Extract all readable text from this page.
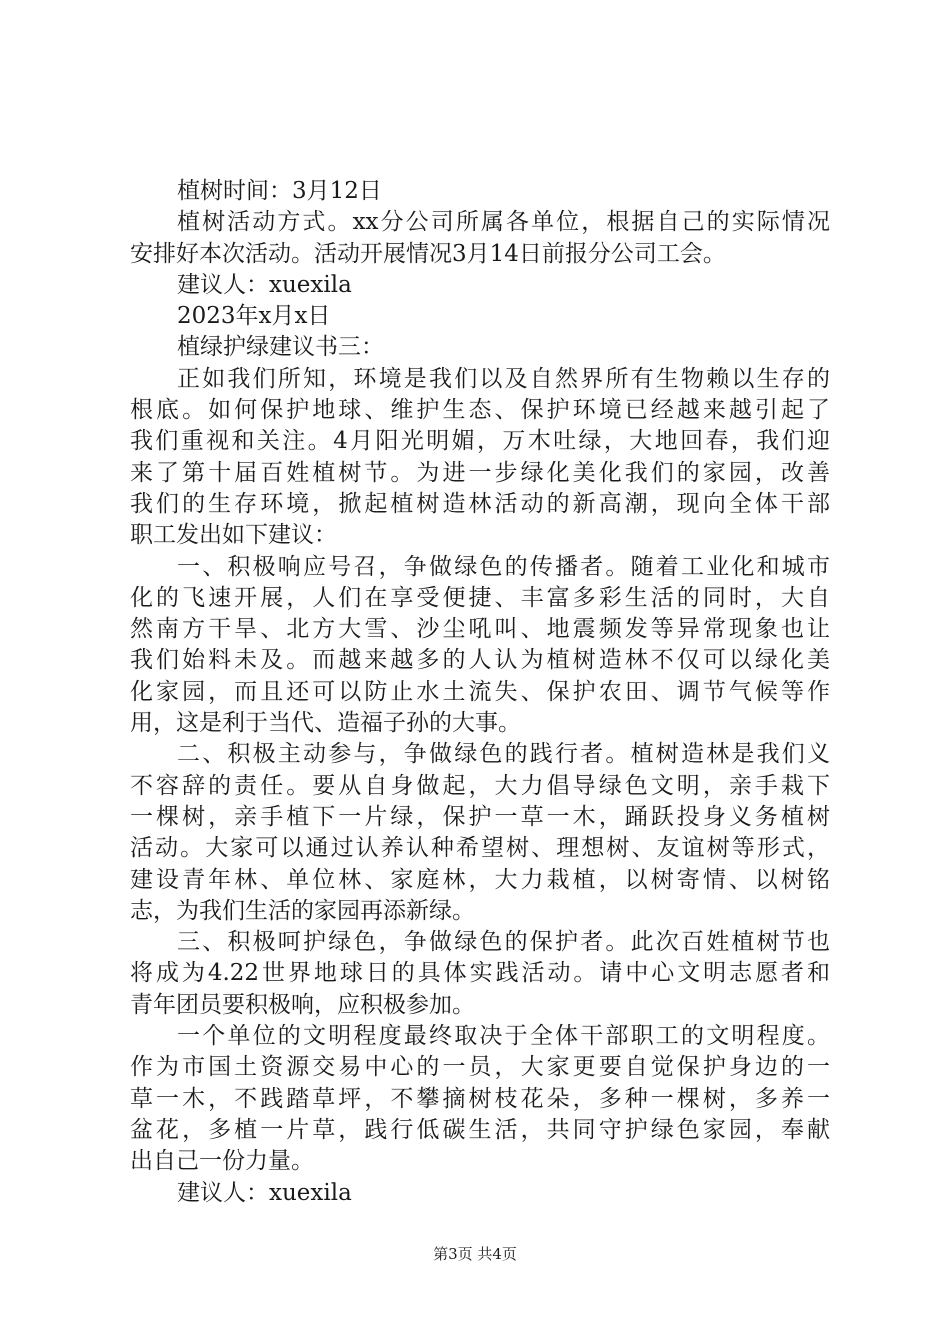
植树时间：3月12日
植树活动方式。xx分公司所属各单位，根据自己的实际情况
安排好本次活动。活动开展情况3月14日前报分公司工会。
建议人：xuexila
2023年x月x日
植绿护绿建议书三：
正如我们所知，环境是我们以及自然界所有生物赖以生存的
根底。如何保护地球、维护生态、保护环境已经越来越引起了
我们重视和关注。4月阳光明媚，万木吐绿，大地回春，我们迎
来了第十届百姓植树节。为进一步绿化美化我们的家园，改善
我们的生存环境，掀起植树造林活动的新高潮，现向全体干部
职工发出如下建议：
一、积极响应号召，争做绿色的传播者。随着工业化和城市
化的飞速开展，人们在享受便捷、丰富多彩生活的同时，大自
然南方干旱、北方大雪、沙尘吼叫、地震频发等异常现象也让
我们始料未及。而越来越多的人认为植树造林不仅可以绿化美
化家园，而且还可以防止水土流失、保护农田、调节气候等作
用，这是利于当代、造福子孙的大事。
二、积极主动参与，争做绿色的践行者。植树造林是我们义
不容辞的责任。要从自身做起，大力倡导绿色文明，亲手栽下
一棵树，亲手植下一片绿，保护一草一木，踊跃投身义务植树
活动。大家可以通过认养认种希望树、理想树、友谊树等形式，
建设青年林、单位林、家庭林，大力栽植，以树寄情、以树铭
志，为我们生活的家园再添新绿。
三、积极呵护绿色，争做绿色的保护者。此次百姓植树节也
将成为4.22世界地球日的具体实践活动。请中心文明志愿者和
青年团员要积极响，应积极参加。
一个单位的文明程度最终取决于全体干部职工的文明程度。
作为市国土资源交易中心的一员，大家更要自觉保护身边的一
草一木，不践踏草坪，不攀摘树枝花朵，多种一棵树，多养一
盆花，多植一片草，践行低碳生活，共同守护绿色家园，奉献
出自己一份力量。
建议人：xuexila
第3页 共4页
